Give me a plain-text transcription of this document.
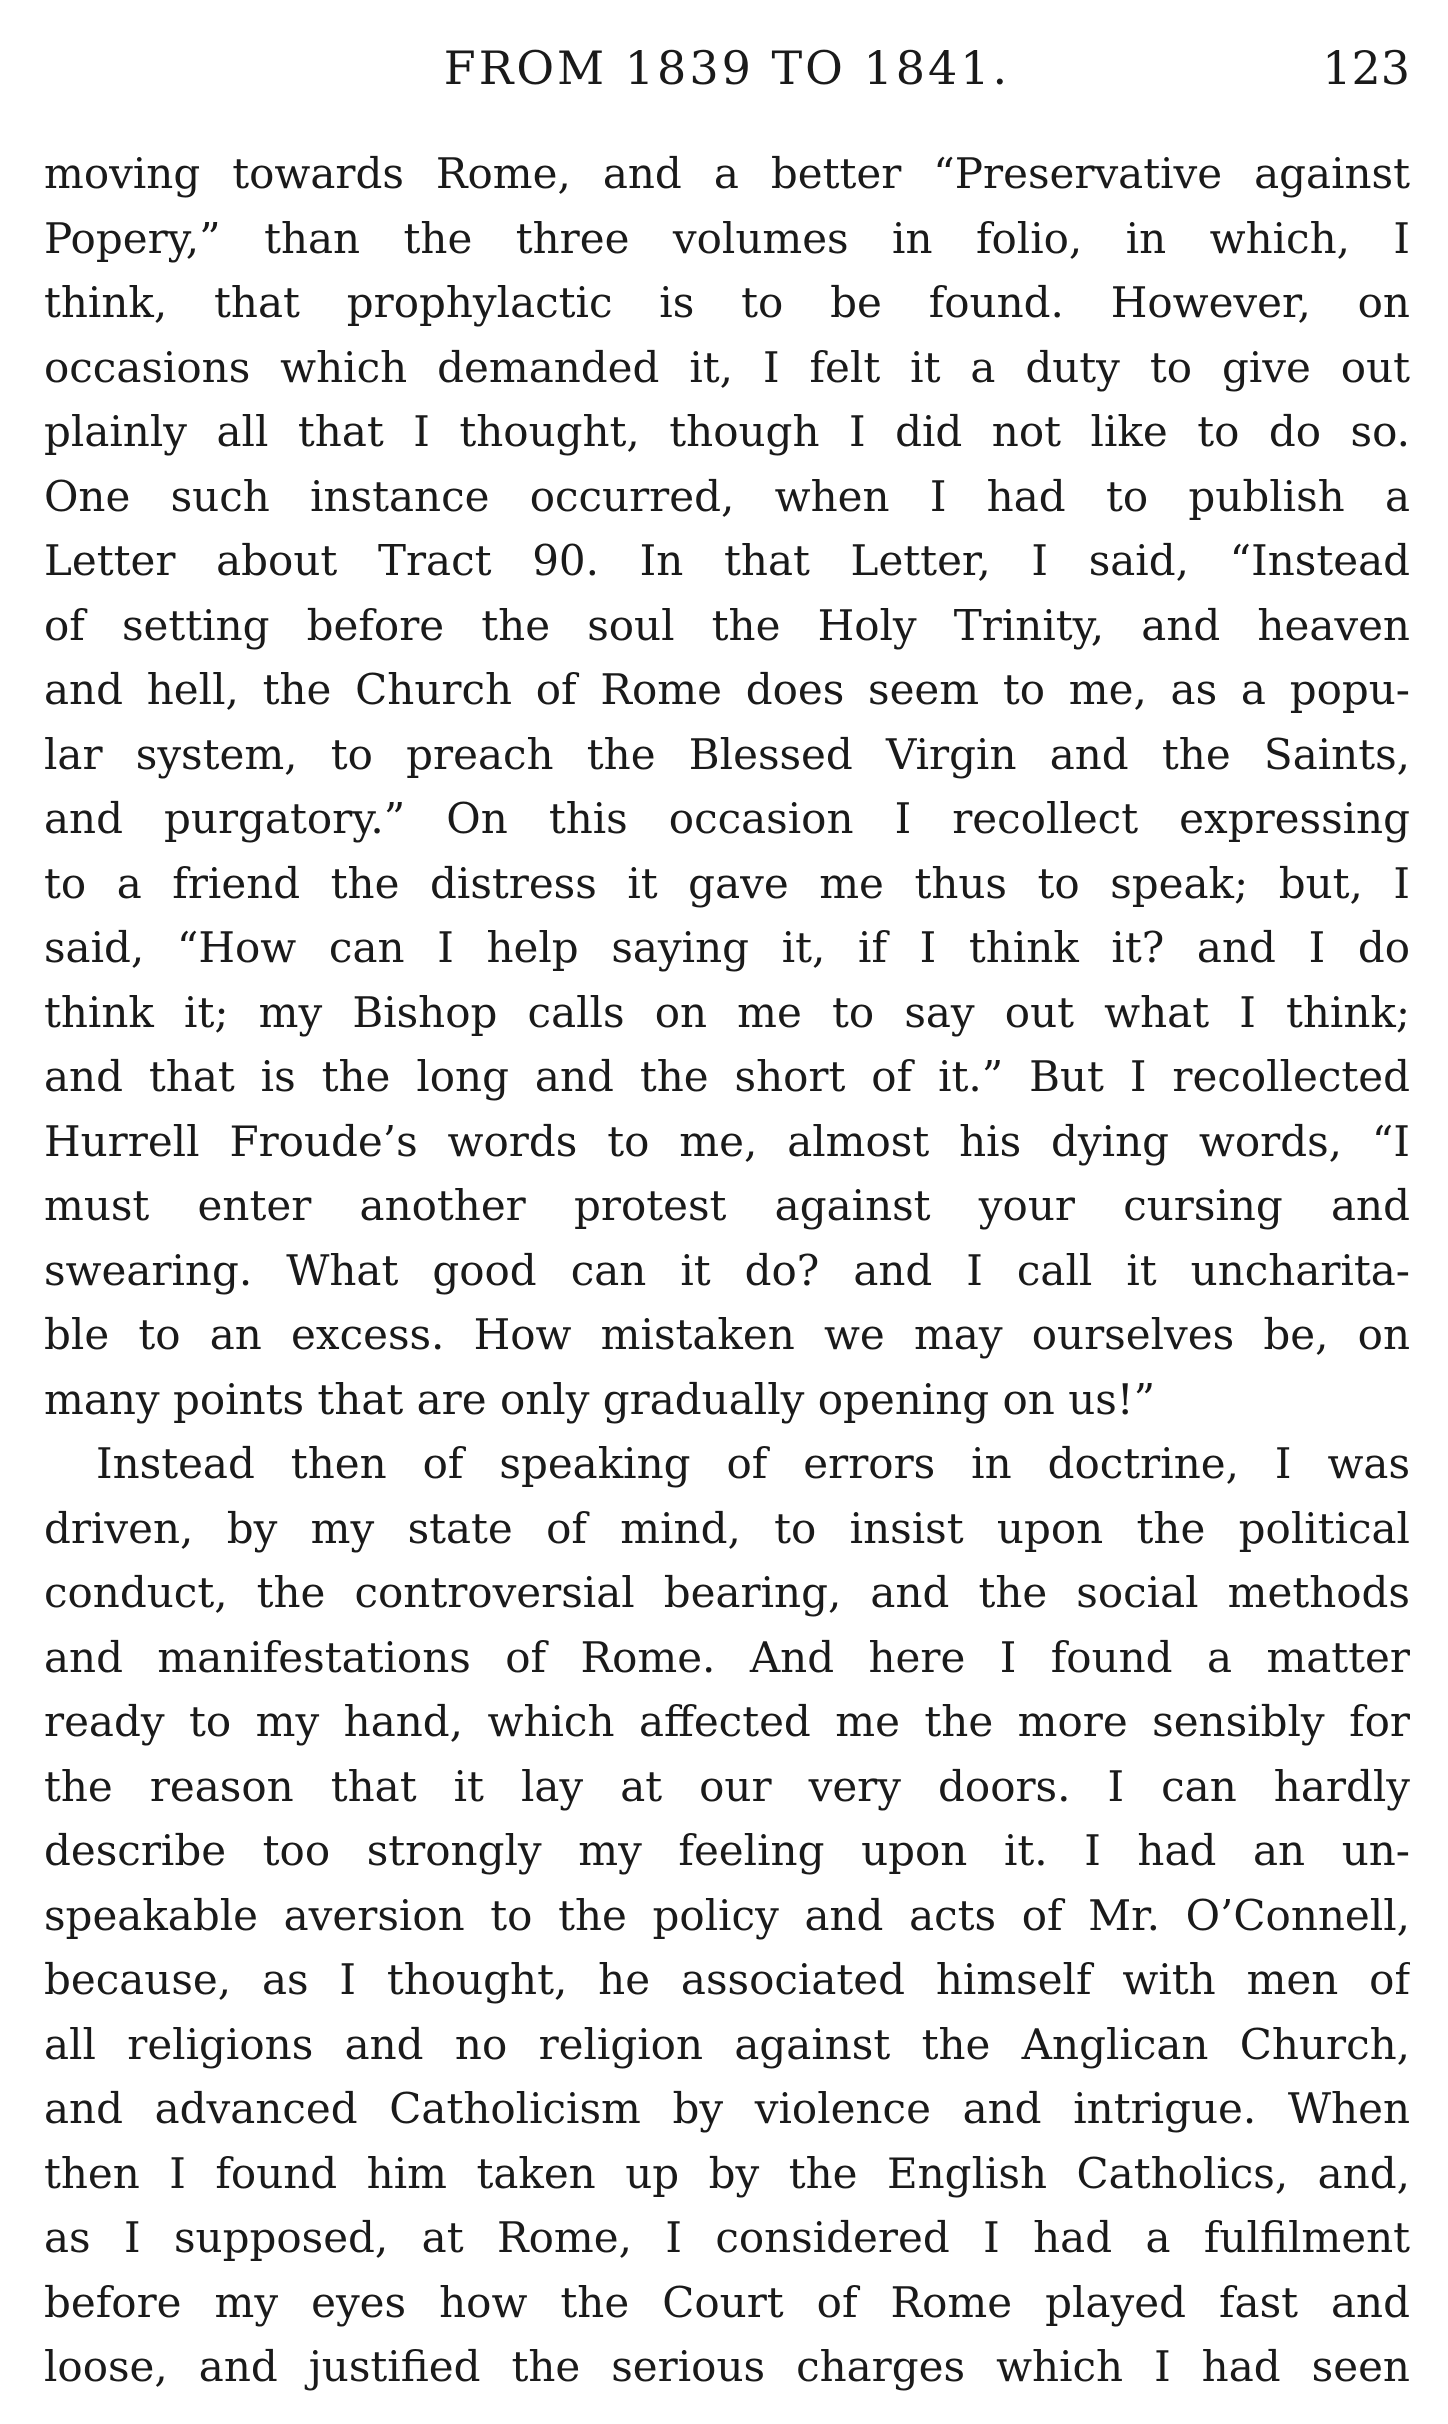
FROM 1839 TO 1841.	123
moving towards Rome, and a better “Preservative against
Popery,” than the three volumes in folio, in which, I
think, that prophylactic is to be found. However, on
occasions which demanded it, I felt it a duty to give out
plainly all that I thought, though I did not like to do so.
One such instance occurred, when I had to publish a
Letter about Tract 90. In that Letter, I said, “Instead
of setting before the soul the Holy Trinity, and heaven
and hell, the Church of Rome does seem to me, as a popu-
lar system, to preach the Blessed Virgin and the Saints,
and purgatory.” On this occasion I recollect expressing
to a friend the distress it gave me thus to speak; but, I
said, “How can I help saying it, if I think it? and I do
think it; my Bishop calls on me to say out what I think;
and that is the long and the short of it.” But I recollected
Hurrell Froude’s words to me, almost his dying words, “I
must enter another protest against your cursing and
swearing. What good can it do? and I call it uncharita-
ble to an excess. How mistaken we may ourselves be, on
many points that are only gradually opening on us!”
Instead then of speaking of errors in doctrine, I was
driven, by my state of mind, to insist upon the political
conduct, the controversial bearing, and the social methods
and manifestations of Rome. And here I found a matter
ready to my hand, which affected me the more sensibly for
the reason that it lay at our very doors. I can hardly
describe too strongly my feeling upon it. I had an un-
speakable aversion to the policy and acts of Mr. O’Connell,
because, as I thought, he associated himself with men of
all religions and no religion against the Anglican Church,
and advanced Catholicism by violence and intrigue. When
then I found him taken up by the English Catholics, and,
as I supposed, at Rome, I considered I had a fulfilment
before my eyes how the Court of Rome played fast and
loose, and justified the serious charges which I had seen
